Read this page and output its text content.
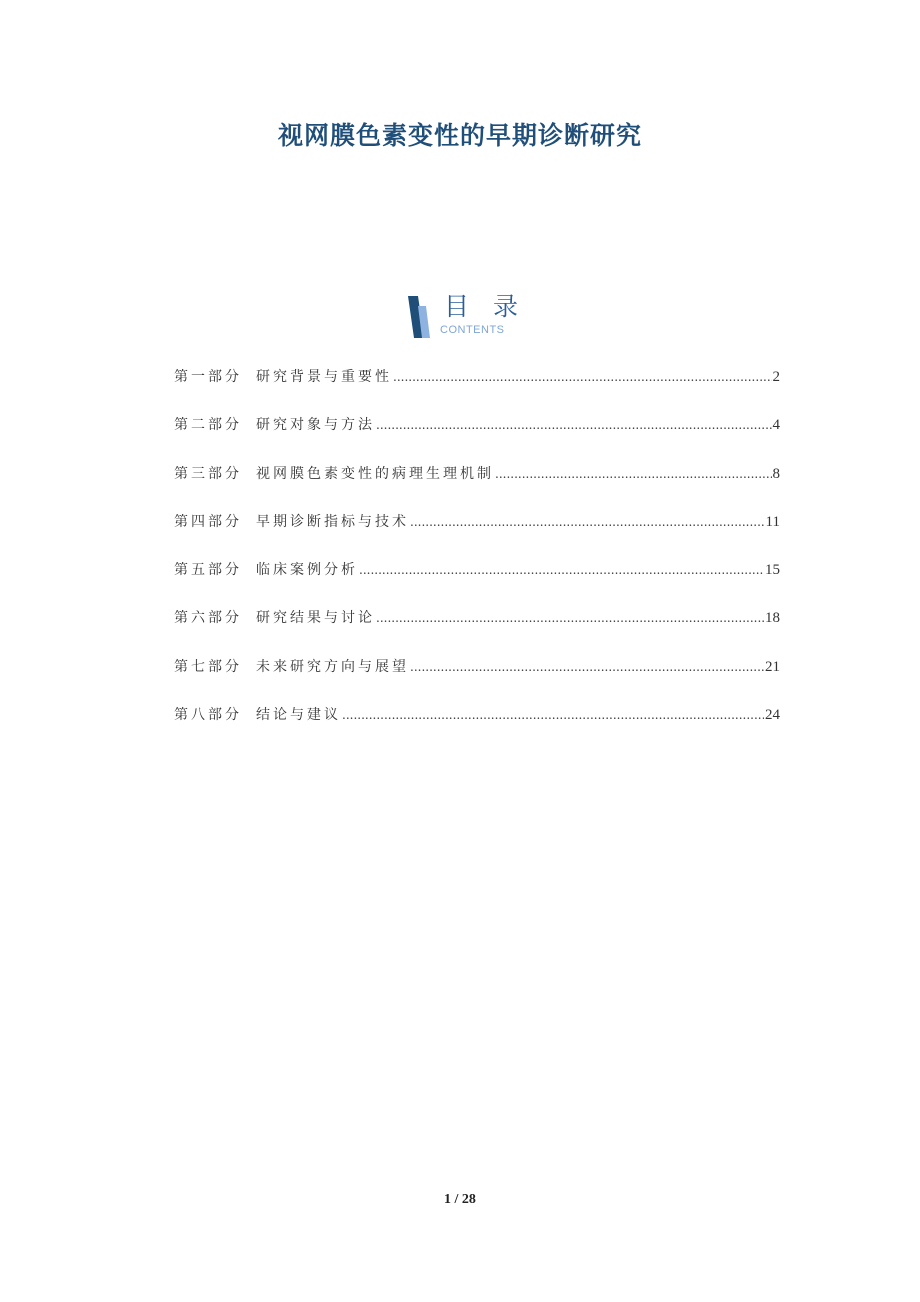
视网膜色素变性的早期诊断研究
目 录
CONTENTS
第一部分 研究背景与重要性 .....	2
第二部分 研究对象与方法 .....	4
第三部分 视网膜色素变性的病理生理机制 .....	8
第四部分 早期诊断指标与技术 .....	11
第五部分 临床案例分析 .....	15
第六部分 研究结果与讨论 .....	18
第七部分 未来研究方向与展望 .....	21
第八部分 结论与建议 .....	24
1 / 28
